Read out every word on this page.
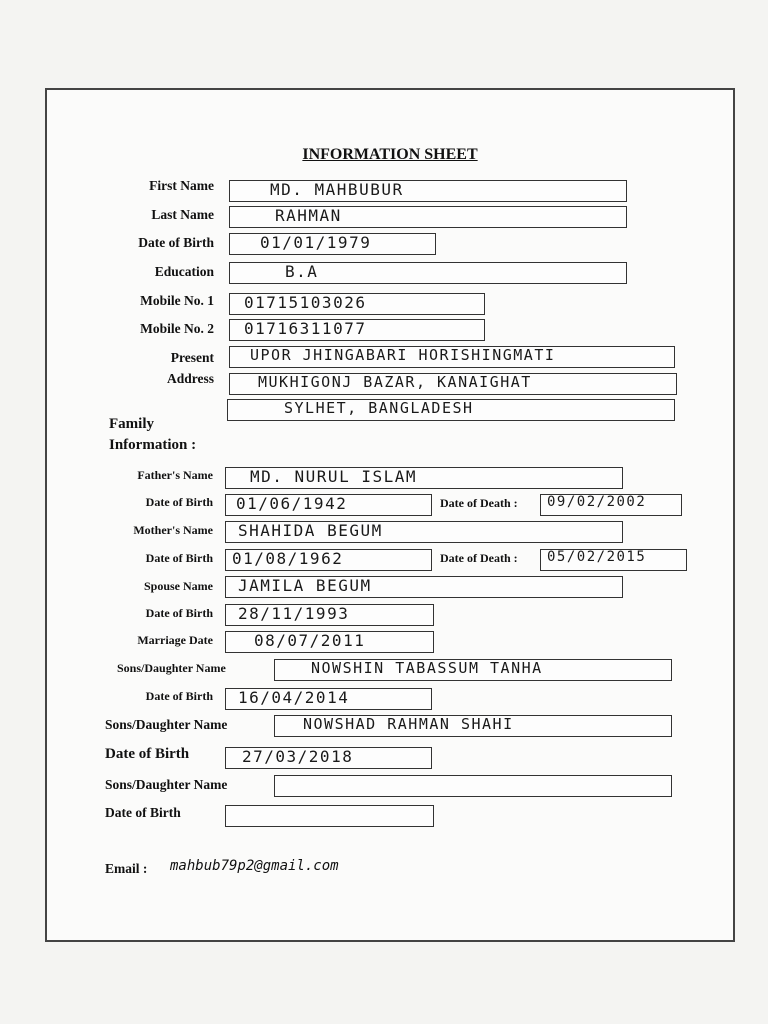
INFORMATION SHEET
First Name	MD. MAHBUBUR
Last Name	RAHMAN
Date of Birth	01/01/1979
Education	B.A
Mobile No. 1 01715103026
Mobile No. 2 01716311077
Present
Address
UPOR JHINGABARI HORISHINGMATI
MUKHIGONJ BAZAR, KANAIGHAT
SYLHET, BANGLADESH
Family
Information :
Father's Name MD. NURUL ISLAM
Date of Birth 01/06/1942	Date of Death : 09/02/2002
Mother's Name SHAHIDA BEGUM
Date of Birth 01/08/1962	Date of Death : 05/02/2015
Spouse Name JAMILA BEGUM
Date of Birth 28/11/1993
Marriage Date	08/07/2011
Sons/Daughter Name	NOWSHIN TABASSUM TANHA
Date of Birth 16/04/2014
Sons/Daughter Name	NOWSHAD RAHMAN SHAHI
Date of Birth	27/03/2018
Sons/Daughter Name
Date of Birth
Email : mahbub79p2@gmail.com
